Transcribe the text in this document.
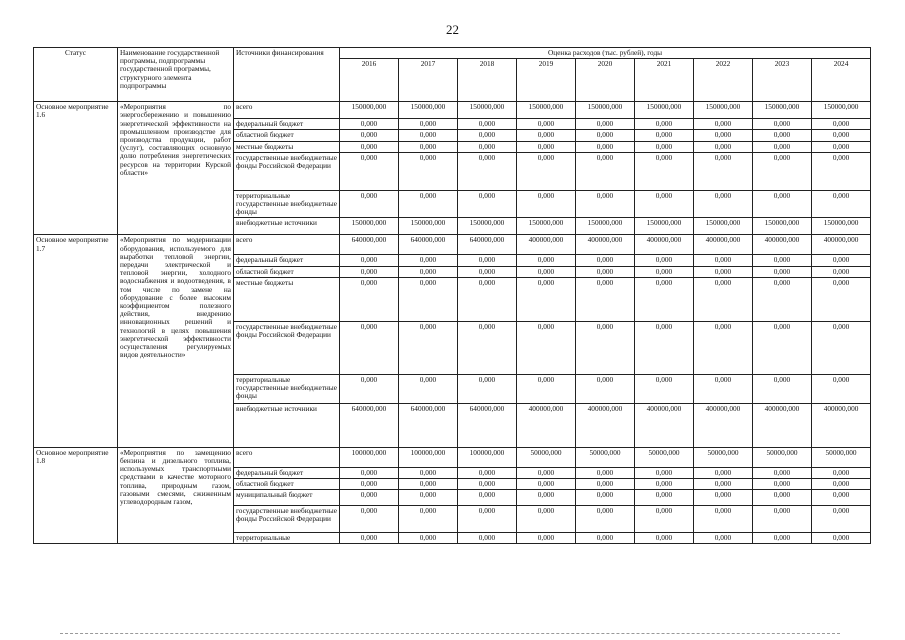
22
Статус	Наименование государственной программы, подпрограммы государственной программы, структурного элемента подпрограммы	Источники финансирования	Оценка расходов (тыс. рублей), годы								
			2016	2017	2018	2019	2020	2021	2022	2023	2024
Основное мероприятие 1.6	«Мероприятия по энергосбережению и повышению энергетической эффективности на промышленном производстве для производства продукции, работ (услуг), составляющих основную долю потребления энергетических ресурсов на территории Курской области»	всего	150000,000	150000,000	150000,000	150000,000	150000,000	150000,000	150000,000	150000,000	150000,000
		федеральный бюджет	0,000	0,000	0,000	0,000	0,000	0,000	0,000	0,000	0,000
		областной бюджет	0,000	0,000	0,000	0,000	0,000	0,000	0,000	0,000	0,000
		местные бюджеты	0,000	0,000	0,000	0,000	0,000	0,000	0,000	0,000	0,000
		государственные внебюджетные фонды Российской Федерации	0,000	0,000	0,000	0,000	0,000	0,000	0,000	0,000	0,000
		территориальные государственные внебюджетные фонды	0,000	0,000	0,000	0,000	0,000	0,000	0,000	0,000	0,000
		внебюджетные источники	150000,000	150000,000	150000,000	150000,000	150000,000	150000,000	150000,000	150000,000	150000,000
Основное мероприятие 1.7	«Мероприятия по модернизации оборудования, используемого для выработки тепловой энергии, передачи электрической и тепловой энергии, холодного водоснабжения и водоотведения, в том числе по замене на оборудование с более высоким коэффициентом полезного действия, внедрению инновационных решений и технологий в целях повышения энергетической эффективности осуществления регулируемых видов деятельности»	всего	640000,000	640000,000	640000,000	400000,000	400000,000	400000,000	400000,000	400000,000	400000,000
		федеральный бюджет	0,000	0,000	0,000	0,000	0,000	0,000	0,000	0,000	0,000
		областной бюджет	0,000	0,000	0,000	0,000	0,000	0,000	0,000	0,000	0,000
		местные бюджеты	0,000	0,000	0,000	0,000	0,000	0,000	0,000	0,000	0,000
		государственные внебюджетные фонды Российской Федерации	0,000	0,000	0,000	0,000	0,000	0,000	0,000	0,000	0,000
		территориальные государственные внебюджетные фонды	0,000	0,000	0,000	0,000	0,000	0,000	0,000	0,000	0,000
		внебюджетные источники	640000,000	640000,000	640000,000	400000,000	400000,000	400000,000	400000,000	400000,000	400000,000
Основное мероприятие 1.8	«Мероприятия по замещению бензина и дизельного топлива, используемых транспортными средствами в качестве моторного топлива, природным газом, газовыми смесями, сжиженным углеводородным газом,	всего	100000,000	100000,000	100000,000	50000,000	50000,000	50000,000	50000,000	50000,000	50000,000
		федеральный бюджет	0,000	0,000	0,000	0,000	0,000	0,000	0,000	0,000	0,000
		областной бюджет	0,000	0,000	0,000	0,000	0,000	0,000	0,000	0,000	0,000
		муниципальный бюджет	0,000	0,000	0,000	0,000	0,000	0,000	0,000	0,000	0,000
		государственные внебюджетные фонды Российской Федерации	0,000	0,000	0,000	0,000	0,000	0,000	0,000	0,000	0,000
		территориальные	0,000	0,000	0,000	0,000	0,000	0,000	0,000	0,000	0,000
